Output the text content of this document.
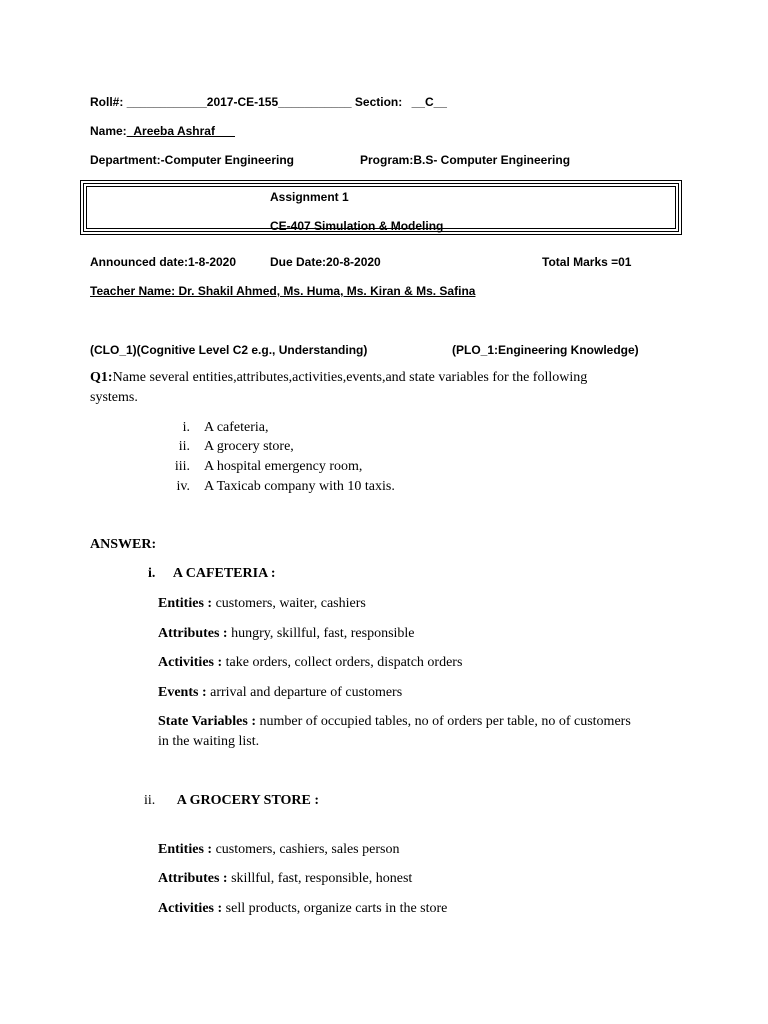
Roll#: ____________2017-CE-155___________ Section: __C__
Name:_Areeba Ashraf___
Department:-Computer Engineering	Program:B.S- Computer Engineering
Assignment 1
CE-407 Simulation & Modeling
Announced date:1-8-2020	Due Date:20-8-2020	Total Marks =01
Teacher Name: Dr. Shakil Ahmed, Ms. Huma, Ms. Kiran & Ms. Safina
(CLO_1)(Cognitive Level C2 e.g., Understanding)	(PLO_1:Engineering Knowledge)
Q1:Name several entities,attributes,activities,events,and state variables for the following
systems.
i. A cafeteria,
ii. A grocery store,
iii. A hospital emergency room,
iv. A Taxicab company with 10 taxis.
ANSWER:
i. A CAFETERIA :
Entities : customers, waiter, cashiers
Attributes : hungry, skillful, fast, responsible
Activities : take orders, collect orders, dispatch orders
Events : arrival and departure of customers
State Variables : number of occupied tables, no of orders per table, no of customers
in the waiting list.
ii. A GROCERY STORE :
Entities : customers, cashiers, sales person
Attributes : skillful, fast, responsible, honest
Activities : sell products, organize carts in the store
